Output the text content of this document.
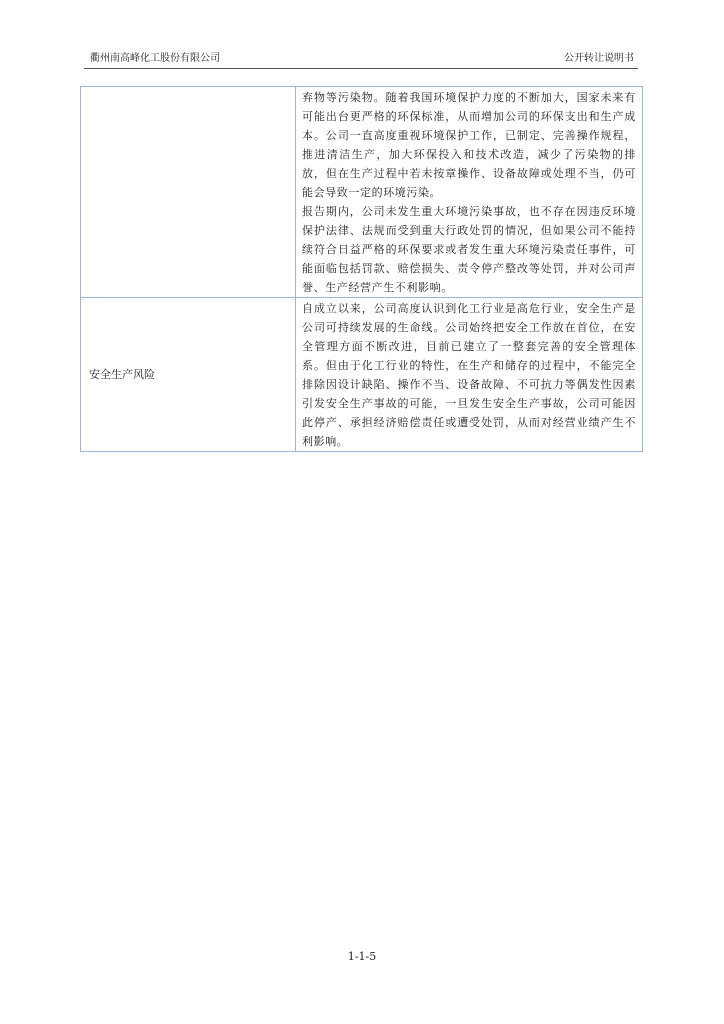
衢州南高峰化工股份有限公司	公开转让说明书

	弃物等污染物。随着我国环境保护力度的不断加大，国家未来有可能出台更严格的环保标准，从而增加公司的环保支出和生产成本。公司一直高度重视环境保护工作，已制定、完善操作规程，推进清洁生产，加大环保投入和技术改造，减少了污染物的排放，但在生产过程中若未按章操作、设备故障或处理不当，仍可能会导致一定的环境污染。

报告期内，公司未发生重大环境污染事故，也不存在因违反环境保护法律、法规而受到重大行政处罚的情况，但如果公司不能持续符合日益严格的环保要求或者发生重大环境污染责任事件，可能面临包括罚款、赔偿损失、责令停产整改等处罚，并对公司声誉、生产经营产生不利影响。

安全生产风险	自成立以来，公司高度认识到化工行业是高危行业，安全生产是公司可持续发展的生命线。公司始终把安全工作放在首位，在安全管理方面不断改进，目前已建立了一整套完善的安全管理体系。但由于化工行业的特性，在生产和储存的过程中，不能完全排除因设计缺陷、操作不当、设备故障、不可抗力等偶发性因素引发安全生产事故的可能，一旦发生安全生产事故，公司可能因此停产、承担经济赔偿责任或遭受处罚，从而对经营业绩产生不利影响。

1-1-5
